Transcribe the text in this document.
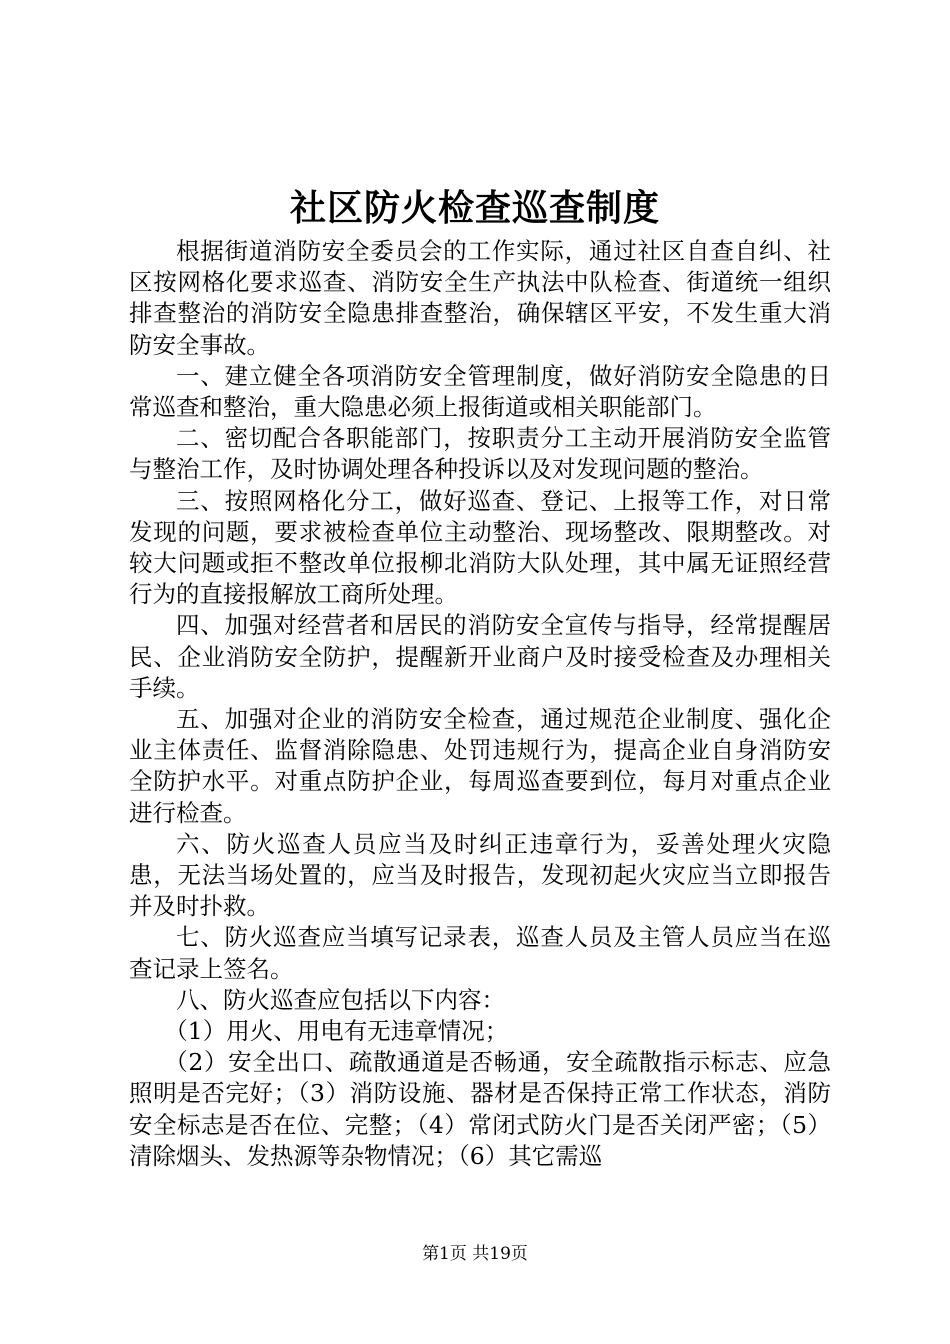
社区防火检查巡查制度

根据街道消防安全委员会的工作实际，通过社区自查自纠、社区按网格化要求巡查、消防安全生产执法中队检查、街道统一组织排查整治的消防安全隐患排查整治，确保辖区平安，不发生重大消防安全事故。

一、建立健全各项消防安全管理制度，做好消防安全隐患的日常巡查和整治，重大隐患必须上报街道或相关职能部门。

二、密切配合各职能部门，按职责分工主动开展消防安全监管与整治工作，及时协调处理各种投诉以及对发现问题的整治。

三、按照网格化分工，做好巡查、登记、上报等工作，对日常发现的问题，要求被检查单位主动整治、现场整改、限期整改。对较大问题或拒不整改单位报柳北消防大队处理，其中属无证照经营行为的直接报解放工商所处理。

四、加强对经营者和居民的消防安全宣传与指导，经常提醒居民、企业消防安全防护，提醒新开业商户及时接受检查及办理相关手续。

五、加强对企业的消防安全检查，通过规范企业制度、强化企业主体责任、监督消除隐患、处罚违规行为，提高企业自身消防安全防护水平。对重点防护企业，每周巡查要到位，每月对重点企业进行检查。

六、防火巡查人员应当及时纠正违章行为，妥善处理火灾隐患，无法当场处置的，应当及时报告，发现初起火灾应当立即报告并及时扑救。

七、防火巡查应当填写记录表，巡查人员及主管人员应当在巡查记录上签名。

八、防火巡查应包括以下内容：

（1）用火、用电有无违章情况；

（2）安全出口、疏散通道是否畅通，安全疏散指示标志、应急照明是否完好；（3）消防设施、器材是否保持正常工作状态，消防安全标志是否在位、完整；（4）常闭式防火门是否关闭严密；（5）清除烟头、发热源等杂物情况；（6）其它需巡

第1页 共19页
